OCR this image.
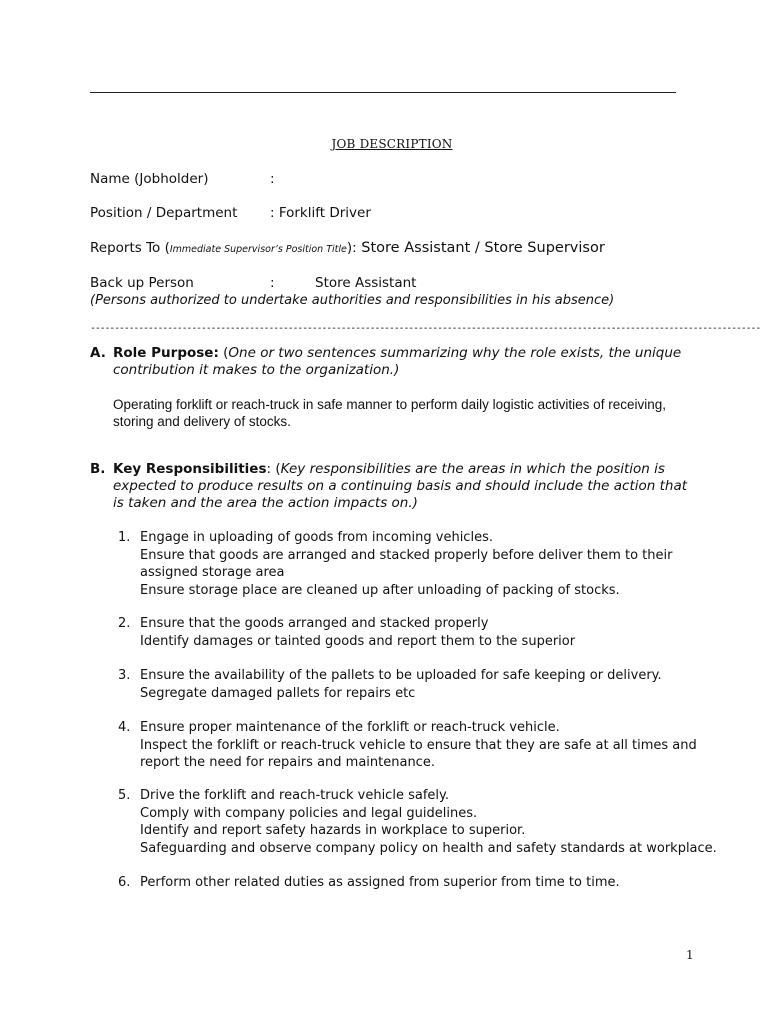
JOB DESCRIPTION
Name (Jobholder)	:
Position / Department : Forklift Driver
Reports To (Immediate Supervisor’s Position Title): Store Assistant / Store Supervisor
Back up Person	:	Store Assistant
(Persons authorized to undertake authorities and responsibilities in his absence)
-------------------------------------------------------------------------------------------------------------------------------------------
A. Role Purpose: (One or two sentences summarizing why the role exists, the unique contribution it makes to the organization.)
Operating forklift or reach-truck in safe manner to perform daily logistic activities of receiving, storing and delivery of stocks.
B. Key Responsibilities: (Key responsibilities are the areas in which the position is expected to produce results on a continuing basis and should include the action that is taken and the area the action impacts on.)
1. Engage in uploading of goods from incoming vehicles.
Ensure that goods are arranged and stacked properly before deliver them to their assigned storage area
Ensure storage place are cleaned up after unloading of packing of stocks.
2. Ensure that the goods arranged and stacked properly
Identify damages or tainted goods and report them to the superior
3. Ensure the availability of the pallets to be uploaded for safe keeping or delivery.
Segregate damaged pallets for repairs etc
4. Ensure proper maintenance of the forklift or reach-truck vehicle.
Inspect the forklift or reach-truck vehicle to ensure that they are safe at all times and report the need for repairs and maintenance.
5. Drive the forklift and reach-truck vehicle safely.
Comply with company policies and legal guidelines.
Identify and report safety hazards in workplace to superior.
Safeguarding and observe company policy on health and safety standards at workplace.
6. Perform other related duties as assigned from superior from time to time.
1
